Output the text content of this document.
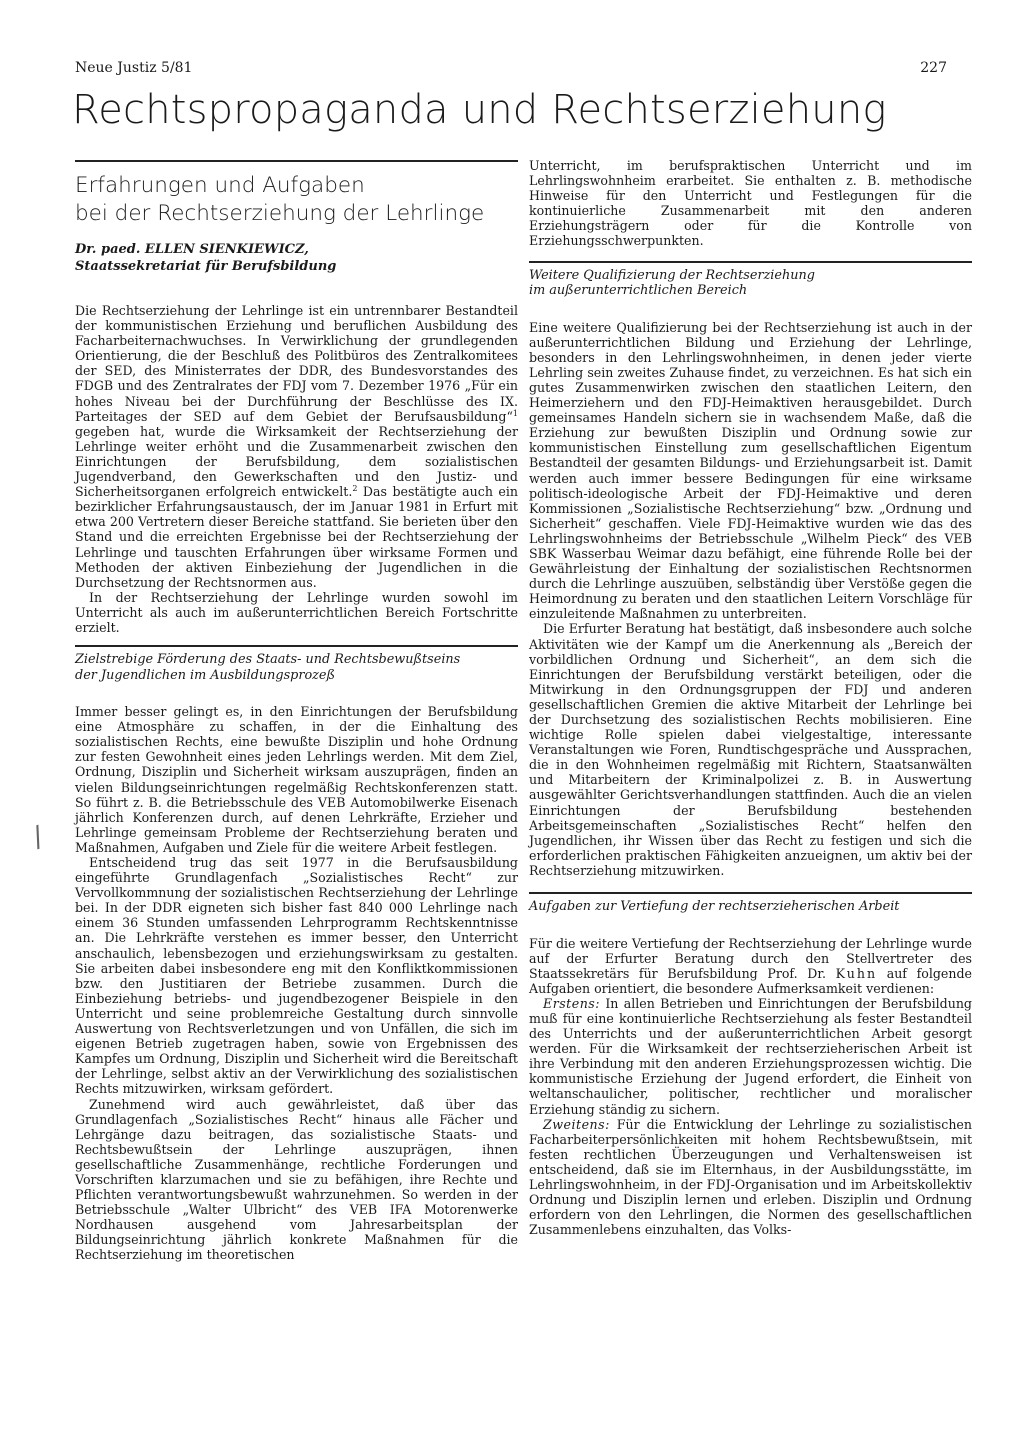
Neue Justiz 5/81	227
Rechtspropaganda und Rechtserziehung
/
Erfahrungen und Aufgaben
bei der Rechtserziehung der Lehrlinge
Dr. paed. ELLEN SIENKIEWICZ,
Staatssekretariat für Berufsbildung

Die Rechtserziehung der Lehrlinge ist ein untrennbarer Bestandteil der kommunistischen Erziehung und beruflichen Ausbildung des Facharbeiternachwuchses. In Verwirklichung der grundlegenden Orientierung, die der Beschluß des Politbüros des Zentralkomitees der SED, des Ministerrates der DDR, des Bundesvorstandes des FDGB und des Zentralrates der FDJ vom 7. Dezember 1976 „Für ein hohes Niveau bei der Durchführung der Beschlüsse des IX. Parteitages der SED auf dem Gebiet der Berufsausbildung“$^1$ gegeben hat, wurde die Wirksamkeit der Rechtserziehung der Lehrlinge weiter erhöht und die Zusammenarbeit zwischen den Einrichtungen der Berufsbildung, dem sozialistischen Jugendverband, den Gewerkschaften und den Justiz- und Sicherheitsorganen erfolgreich entwickelt.$^2$ Das bestätigte auch ein bezirklicher Erfahrungsaustausch, der im Januar 1981 in Erfurt mit etwa 200 Vertretern dieser Bereiche stattfand. Sie berieten über den Stand und die erreichten Ergebnisse bei der Rechtserziehung der Lehrlinge und tauschten Erfahrungen über wirksame Formen und Methoden der aktiven Einbeziehung der Jugendlichen in die Durchsetzung der Rechtsnormen aus.

In der Rechtserziehung der Lehrlinge wurden sowohl im Unterricht als auch im außerunterrichtlichen Bereich Fortschritte erzielt.

Zielstrebige Förderung des Staats- und Rechtsbewußtseins
der Jugendlichen im Ausbildungsprozeß

Immer besser gelingt es, in den Einrichtungen der Berufsbildung eine Atmosphäre zu schaffen, in der die Einhaltung des sozialistischen Rechts, eine bewußte Disziplin und hohe Ordnung zur festen Gewohnheit eines jeden Lehrlings werden. Mit dem Ziel, Ordnung, Disziplin und Sicherheit wirksam auszuprägen, finden an vielen Bildungseinrichtungen regelmäßig Rechtskonferenzen statt. So führt z. B. die Betriebsschule des VEB Automobilwerke Eisenach jährlich Konferenzen durch, auf denen Lehrkräfte, Erzieher und Lehrlinge gemeinsam Probleme der Rechtserziehung beraten und Maßnahmen, Aufgaben und Ziele für die weitere Arbeit festlegen.

Entscheidend trug das seit 1977 in die Berufsausbildung eingeführte Grundlagenfach „Sozialistisches Recht“ zur Vervollkommnung der sozialistischen Rechtserziehung der Lehrlinge bei. In der DDR eigneten sich bisher fast 840 000 Lehrlinge nach einem 36 Stunden umfassenden Lehrprogramm Rechtskenntnisse an. Die Lehrkräfte verstehen es immer besser, den Unterricht anschaulich, lebensbezogen und erziehungswirksam zu gestalten. Sie arbeiten dabei insbesondere eng mit den Konfliktkommissionen bzw. den Justitiaren der Betriebe zusammen. Durch die Einbeziehung betriebs- und jugendbezogener Beispiele in den Unterricht und seine problemreiche Gestaltung durch sinnvolle Auswertung von Rechtsverletzungen und von Unfällen, die sich im eigenen Betrieb zugetragen haben, sowie von Ergebnissen des Kampfes um Ordnung, Disziplin und Sicherheit wird die Bereitschaft der Lehrlinge, selbst aktiv an der Verwirklichung des sozialistischen Rechts mitzuwirken, wirksam gefördert.

Zunehmend wird auch gewährleistet, daß über das Grundlagenfach „Sozialistisches Recht“ hinaus alle Fächer und Lehrgänge dazu beitragen, das sozialistische Staats- und Rechtsbewußtsein der Lehrlinge auszuprägen, ihnen gesellschaftliche Zusammenhänge, rechtliche Forderungen und Vorschriften klarzumachen und sie zu befähigen, ihre Rechte und Pflichten verantwortungsbewußt wahrzunehmen. So werden in der Betriebsschule „Walter Ulbricht“ des VEB IFA Motorenwerke Nordhausen ausgehend vom Jahresarbeitsplan der Bildungseinrichtung jährlich konkrete Maßnahmen für die Rechtserziehung im theoretischen

Unterricht, im berufspraktischen Unterricht und im Lehrlingswohnheim erarbeitet. Sie enthalten z. B. methodische Hinweise für den Unterricht und Festlegungen für die kontinuierliche Zusammenarbeit mit den anderen Erziehungsträgern oder für die Kontrolle von Erziehungsschwerpunkten.

Weitere Qualifizierung der Rechtserziehung
im außerunterrichtlichen Bereich

Eine weitere Qualifizierung bei der Rechtserziehung ist auch in der außerunterrichtlichen Bildung und Erziehung der Lehrlinge, besonders in den Lehrlingswohnheimen, in denen jeder vierte Lehrling sein zweites Zuhause findet, zu verzeichnen. Es hat sich ein gutes Zusammenwirken zwischen den staatlichen Leitern, den Heimerziehern und den FDJ-Heimaktiven herausgebildet. Durch gemeinsames Handeln sichern sie in wachsendem Maße, daß die Erziehung zur bewußten Disziplin und Ordnung sowie zur kommunistischen Einstellung zum gesellschaftlichen Eigentum Bestandteil der gesamten Bildungs- und Erziehungsarbeit ist. Damit werden auch immer bessere Bedingungen für eine wirksame politisch-ideologische Arbeit der FDJ-Heimaktive und deren Kommissionen „Sozialistische Rechtserziehung“ bzw. „Ordnung und Sicherheit“ geschaffen. Viele FDJ-Heimaktive wurden wie das des Lehrlingswohnheims der Betriebsschule „Wilhelm Pieck“ des VEB SBK Wasserbau Weimar dazu befähigt, eine führende Rolle bei der Gewährleistung der Einhaltung der sozialistischen Rechtsnormen durch die Lehrlinge auszuüben, selbständig über Verstöße gegen die Heimordnung zu beraten und den staatlichen Leitern Vorschläge für einzuleitende Maßnahmen zu unterbreiten.

Die Erfurter Beratung hat bestätigt, daß insbesondere auch solche Aktivitäten wie der Kampf um die Anerkennung als „Bereich der vorbildlichen Ordnung und Sicherheit“, an dem sich die Einrichtungen der Berufsbildung verstärkt beteiligen, oder die Mitwirkung in den Ordnungsgruppen der FDJ und anderen gesellschaftlichen Gremien die aktive Mitarbeit der Lehrlinge bei der Durchsetzung des sozialistischen Rechts mobilisieren. Eine wichtige Rolle spielen dabei vielgestaltige, interessante Veranstaltungen wie Foren, Rundtischgespräche und Aussprachen, die in den Wohnheimen regelmäßig mit Richtern, Staatsanwälten und Mitarbeitern der Kriminalpolizei z. B. in Auswertung ausgewählter Gerichtsverhandlungen stattfinden. Auch die an vielen Einrichtungen der Berufsbildung bestehenden Arbeitsgemeinschaften „Sozialistisches Recht“ helfen den Jugendlichen, ihr Wissen über das Recht zu festigen und sich die erforderlichen praktischen Fähigkeiten anzueignen, um aktiv bei der Rechtserziehung mitzuwirken.

Aufgaben zur Vertiefung der rechtserzieherischen Arbeit

Für die weitere Vertiefung der Rechtserziehung der Lehrlinge wurde auf der Erfurter Beratung durch den Stellvertreter des Staatssekretärs für Berufsbildung Prof. Dr. Kuhn auf folgende Aufgaben orientiert, die besondere Aufmerksamkeit verdienen:

Erstens: In allen Betrieben und Einrichtungen der Berufsbildung muß für eine kontinuierliche Rechtserziehung als fester Bestandteil des Unterrichts und der außerunterrichtlichen Arbeit gesorgt werden. Für die Wirksamkeit der rechtserzieherischen Arbeit ist ihre Verbindung mit den anderen Erziehungsprozessen wichtig. Die kommunistische Erziehung der Jugend erfordert, die Einheit von weltanschaulicher, politischer, rechtlicher und moralischer Erziehung ständig zu sichern.

Zweitens: Für die Entwicklung der Lehrlinge zu sozialistischen Facharbeiterpersönlichkeiten mit hohem Rechtsbewußtsein, mit festen rechtlichen Überzeugungen und Verhaltensweisen ist entscheidend, daß sie im Elternhaus, in der Ausbildungsstätte, im Lehrlingswohnheim, in der FDJ-Organisation und im Arbeitskollektiv Ordnung und Disziplin lernen und erleben. Disziplin und Ordnung erfordern von den Lehrlingen, die Normen des gesellschaftlichen Zusammenlebens einzuhalten, das Volks-
